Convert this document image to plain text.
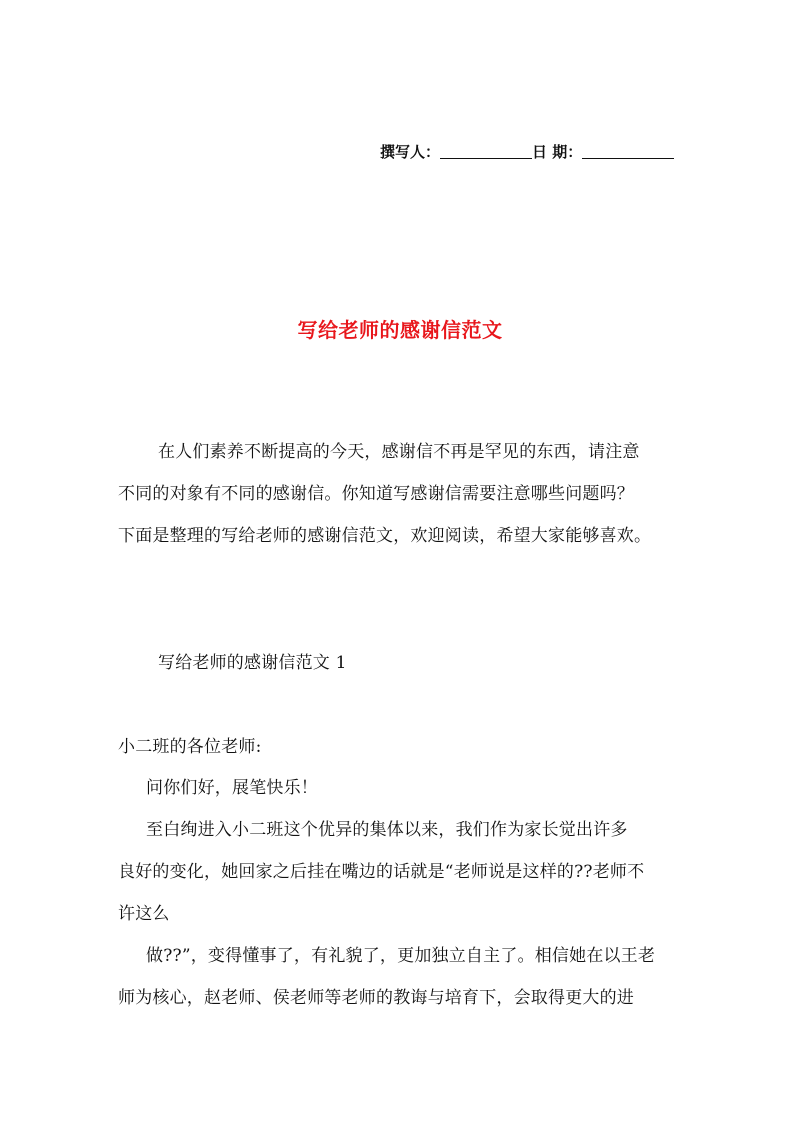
撰写人：	日 期：
写给老师的感谢信范文
在人们素养不断提高的今天，感谢信不再是罕见的东西，请注意
不同的对象有不同的感谢信。你知道写感谢信需要注意哪些问题吗？
下面是整理的写给老师的感谢信范文，欢迎阅读，希望大家能够喜欢。
写给老师的感谢信范文 1
小二班的各位老师:
问你们好，展笔快乐！
至白绚进入小二班这个优异的集体以来，我们作为家长觉出许多
良好的变化，她回家之后挂在嘴边的话就是“老师说是这样的??老师不
许这么
做??”，变得懂事了，有礼貌了，更加独立自主了。相信她在以王老
师为核心，赵老师、侯老师等老师的教诲与培育下，会取得更大的进
